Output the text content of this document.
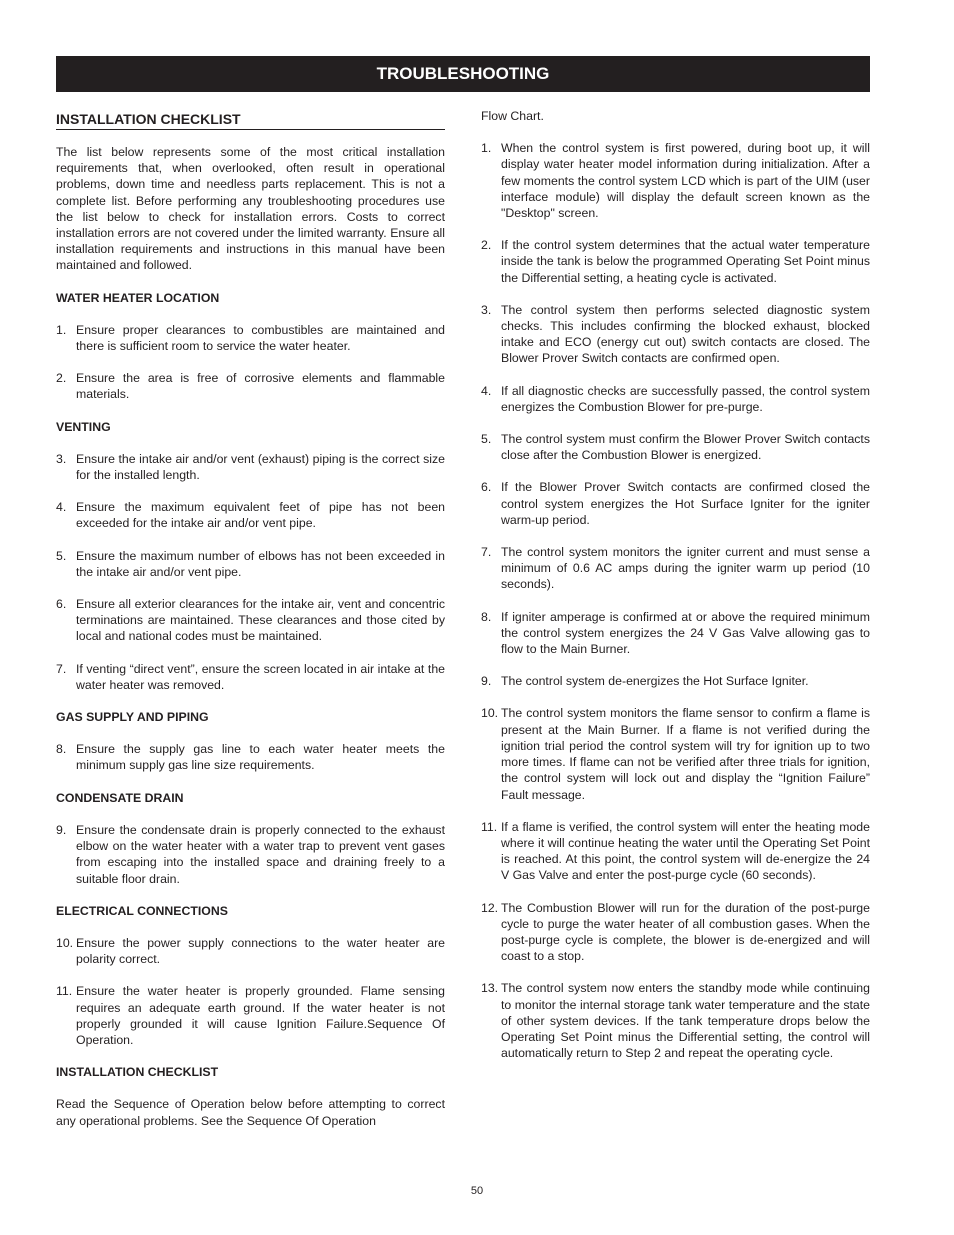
TROUBLESHOOTING
INSTALLATION CHECKLIST

The list below represents some of the most critical installation requirements that, when overlooked, often result in operational problems, down time and needless parts replacement. This is not a complete list. Before performing any troubleshooting procedures use the list below to check for installation errors. Costs to correct installation errors are not covered under the limited warranty. Ensure all installation requirements and instructions in this manual have been maintained and followed.

WATER HEATER LOCATION
1. Ensure proper clearances to combustibles are maintained and there is sufficient room to service the water heater.
2. Ensure the area is free of corrosive elements and flammable materials.
VENTING
3. Ensure the intake air and/or vent (exhaust) piping is the correct size for the installed length.
4. Ensure the maximum equivalent feet of pipe has not been exceeded for the intake air and/or vent pipe.
5. Ensure the maximum number of elbows has not been exceeded in the intake air and/or vent pipe.
6. Ensure all exterior clearances for the intake air, vent and concentric terminations are maintained. These clearances and those cited by local and national codes must be maintained.
7. If venting “direct vent”, ensure the screen located in air intake at the water heater was removed.
GAS SUPPLY AND PIPING
8. Ensure the supply gas line to each water heater meets the minimum supply gas line size requirements.
CONDENSATE DRAIN
9. Ensure the condensate drain is properly connected to the exhaust elbow on the water heater with a water trap to prevent vent gases from escaping into the installed space and draining freely to a suitable floor drain.
ELECTRICAL CONNECTIONS
10. Ensure the power supply connections to the water heater are polarity correct.
11. Ensure the water heater is properly grounded. Flame sensing requires an adequate earth ground. If the water heater is not properly grounded it will cause Ignition Failure.Sequence Of Operation.
INSTALLATION CHECKLIST

Read the Sequence of Operation below before attempting to correct any operational problems. See the Sequence Of Operation

Flow Chart.

1. When the control system is first powered, during boot up, it will display water heater model information during initialization. After a few moments the control system LCD which is part of the UIM (user interface module) will display the default screen known as the "Desktop" screen.
2. If the control system determines that the actual water temperature inside the tank is below the programmed Operating Set Point minus the Differential setting, a heating cycle is activated.
3. The control system then performs selected diagnostic system checks. This includes confirming the blocked exhaust, blocked intake and ECO (energy cut out) switch contacts are closed. The Blower Prover Switch contacts are confirmed open.
4. If all diagnostic checks are successfully passed, the control system energizes the Combustion Blower for pre-purge.
5. The control system must confirm the Blower Prover Switch contacts close after the Combustion Blower is energized.
6. If the Blower Prover Switch contacts are confirmed closed the control system energizes the Hot Surface Igniter for the igniter warm-up period.
7. The control system monitors the igniter current and must sense a minimum of 0.6 AC amps during the igniter warm up period (10 seconds).
8. If igniter amperage is confirmed at or above the required minimum the control system energizes the 24 V Gas Valve allowing gas to flow to the Main Burner.
9. The control system de-energizes the Hot Surface Igniter.
10. The control system monitors the flame sensor to confirm a flame is present at the Main Burner. If a flame is not verified during the ignition trial period the control system will try for ignition up to two more times. If flame can not be verified after three trials for ignition, the control system will lock out and display the “Ignition Failure” Fault message.
11. If a flame is verified, the control system will enter the heating mode where it will continue heating the water until the Operating Set Point is reached. At this point, the control system will de-energize the 24 V Gas Valve and enter the post-purge cycle (60 seconds).
12. The Combustion Blower will run for the duration of the post-purge cycle to purge the water heater of all combustion gases. When the post-purge cycle is complete, the blower is de-energized and will coast to a stop.
13. The control system now enters the standby mode while continuing to monitor the internal storage tank water temperature and the state of other system devices. If the tank temperature drops below the Operating Set Point minus the Differential setting, the control will automatically return to Step 2 and repeat the operating cycle.
50
